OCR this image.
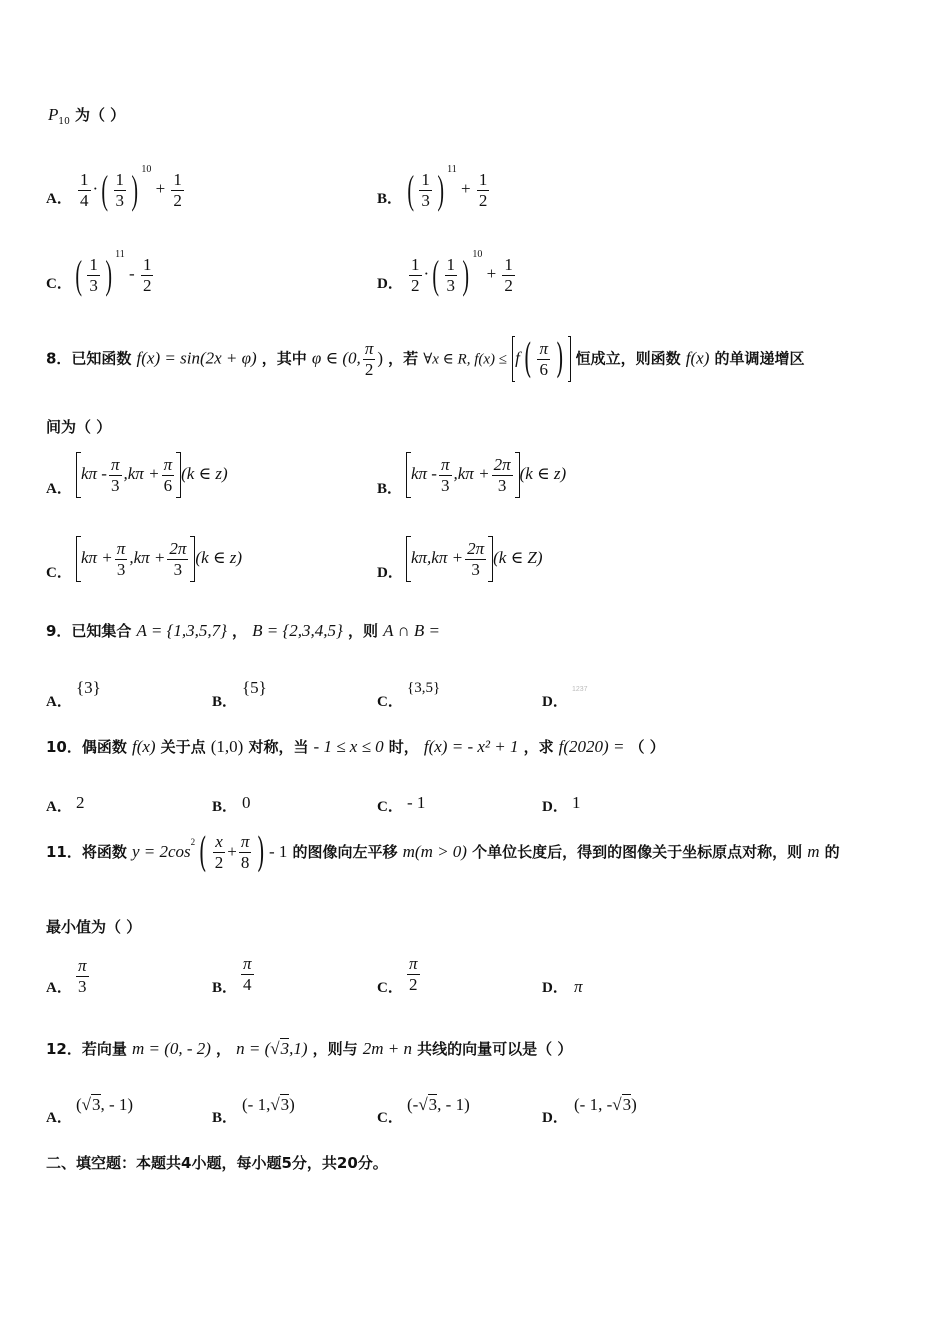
$P_{10}$ 为（ ）
A． $\frac{1}{4}$ ·( $\frac{1}{3}$ ) $^{10} + \frac{1}{2}$	B． ( $\frac{1}{3}$ ) $^{11} + \frac{1}{2}$
C． ( $\frac{1}{3}$ ) $^{11} - \frac{1}{2}$	D． $\frac{1}{2}$ ·( $\frac{1}{3}$ ) $^{10} + \frac{1}{2}$
8．已知函数 f(x) = sin(2x + φ) ，其中 φ ∈ (0, $\frac{\pi}{2}$ ) ，若 ∀x ∈ R, $f(x) \le f( \frac{\pi}{6}$ ) 恒成立，则函数 f(x) 的单调递增区
间为（ ）
A．
$k\pi - \frac{\pi}{3} ,k\pi + \frac{\pi}{6} (k$ ∈ z)
B．
$k\pi - \frac{\pi}{3} ,k\pi + \frac{2\pi}{3} (k$ ∈ z)
C．
$k\pi + \frac{\pi}{3} ,k\pi + \frac{2\pi}{3} (k$ ∈ z)
D．
$k\pi,k\pi + \frac{2\pi}{3} (k$ ∈ Z)
9．已知集合 A = {1,3,5,7} ， B = {2,3,4,5} ，则 A ∩ B =
A．
{3}
B．
{5}
C．
{3,5}
D．
1237
10．偶函数 f(x) 关于点 (1,0) 对称，当 - 1 ≤ x ≤ 0 时， f(x) = - x² + 1 ，求 f(2020) = （ ）
A． 2	B． 0	C． - 1	D． 1
11．将函数 $y = 2\cos^2( \frac{x}{2} + \frac{\pi}{8}$ ) - 1 的图像向左平移 m(m > 0) 个单位长度后，得到的图像关于坐标原点对称，则 m 的
最小值为（ ）
A． $\frac{\pi}{3}$	B． $\frac{\pi}{4}$	C． $\frac{\pi}{2}$	D． π
12．若向量 m = (0, - 2) ， n = (√3,1) ，则与 2m + n 共线的向量可以是（ ）
A．
(√3, - 1)
B．
(- 1,√3)
C．
(-√3, - 1)
D．
(- 1, -√3)
二、填空题：本题共4小题，每小题5分，共20分。
